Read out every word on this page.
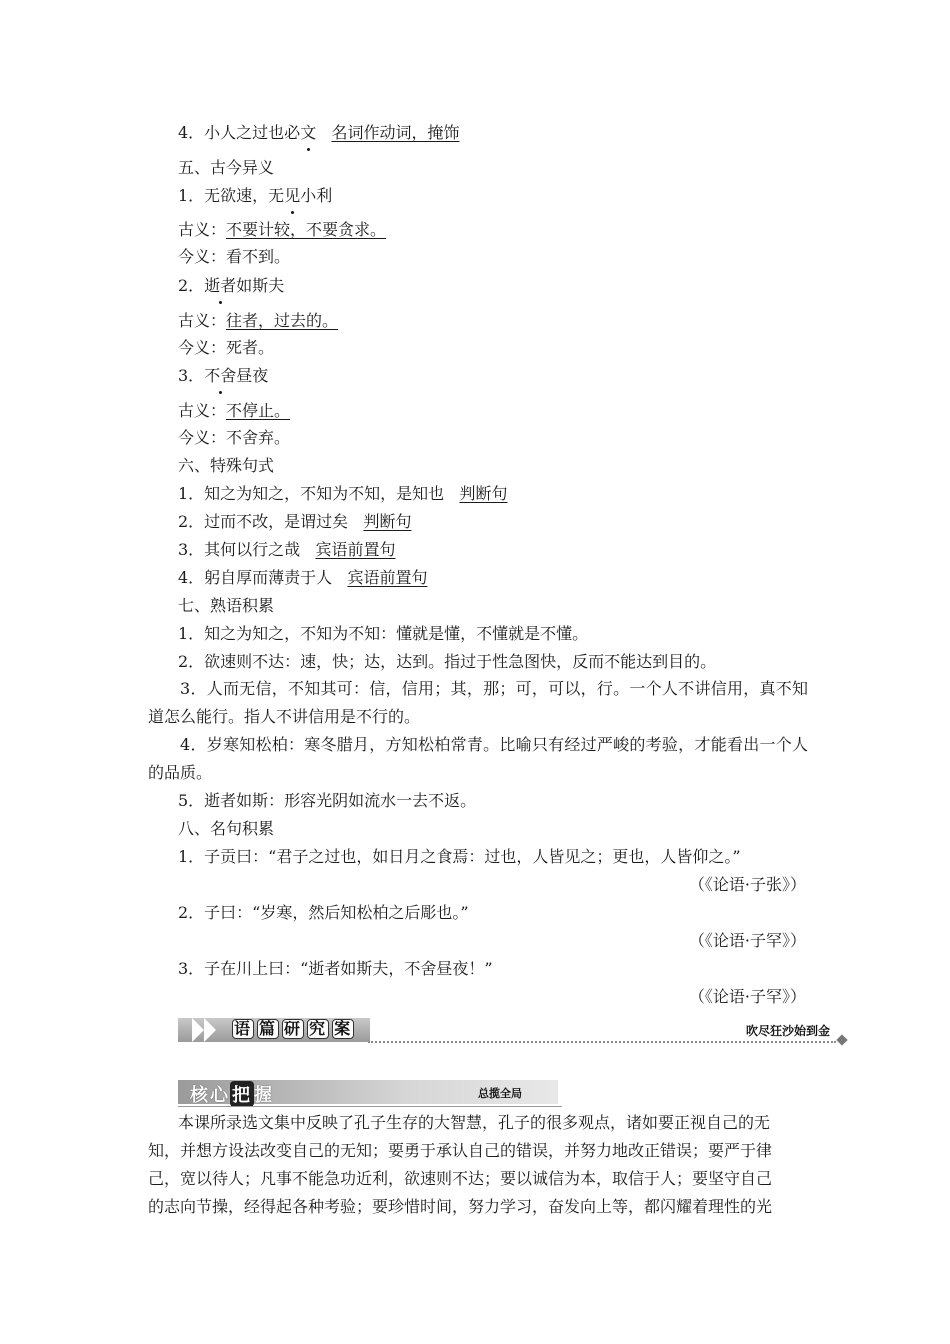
4．小人之过也必文 名词作动词，掩饰
五、古今异义
1．无欲速，无见小利
古义：不要计较，不要贪求。
今义：看不到。
2．逝者如斯夫
古义：往者，过去的。
今义：死者。
3．不舍昼夜
古义：不停止。
今义：不舍弃。
六、特殊句式
1．知之为知之，不知为不知，是知也 判断句
2．过而不改，是谓过矣 判断句
3．其何以行之哉 宾语前置句
4．躬自厚而薄责于人 宾语前置句
七、熟语积累
1．知之为知之，不知为不知：懂就是懂，不懂就是不懂。
2．欲速则不达：速，快；达，达到。指过于性急图快，反而不能达到目的。
3．人而无信，不知其可：信，信用；其，那；可，可以，行。一个人不讲信用，真不知道怎么能行。指人不讲信用是不行的。
4．岁寒知松柏：寒冬腊月，方知松柏常青。比喻只有经过严峻的考验，才能看出一个人的品质。
5．逝者如斯：形容光阴如流水一去不返。
八、名句积累
1．子贡曰：“君子之过也，如日月之食焉：过也，人皆见之；更也，人皆仰之。”
（《论语·子张》）
2．子曰：“岁寒，然后知松柏之后彫也。”
（《论语·子罕》）
3．子在川上曰：“逝者如斯夫，不舍昼夜！”
（《论语·子罕》）
语 篇 研 究 案	吹尽狂沙始到金
核心 把 握	总揽全局
本课所录选文集中反映了孔子生存的大智慧，孔子的很多观点，诸如要正视自己的无
知，并想方设法改变自己的无知；要勇于承认自己的错误，并努力地改正错误；要严于律
己，宽以待人；凡事不能急功近利，欲速则不达；要以诚信为本，取信于人；要坚守自己
的志向节操，经得起各种考验；要珍惜时间，努力学习，奋发向上等，都闪耀着理性的光
